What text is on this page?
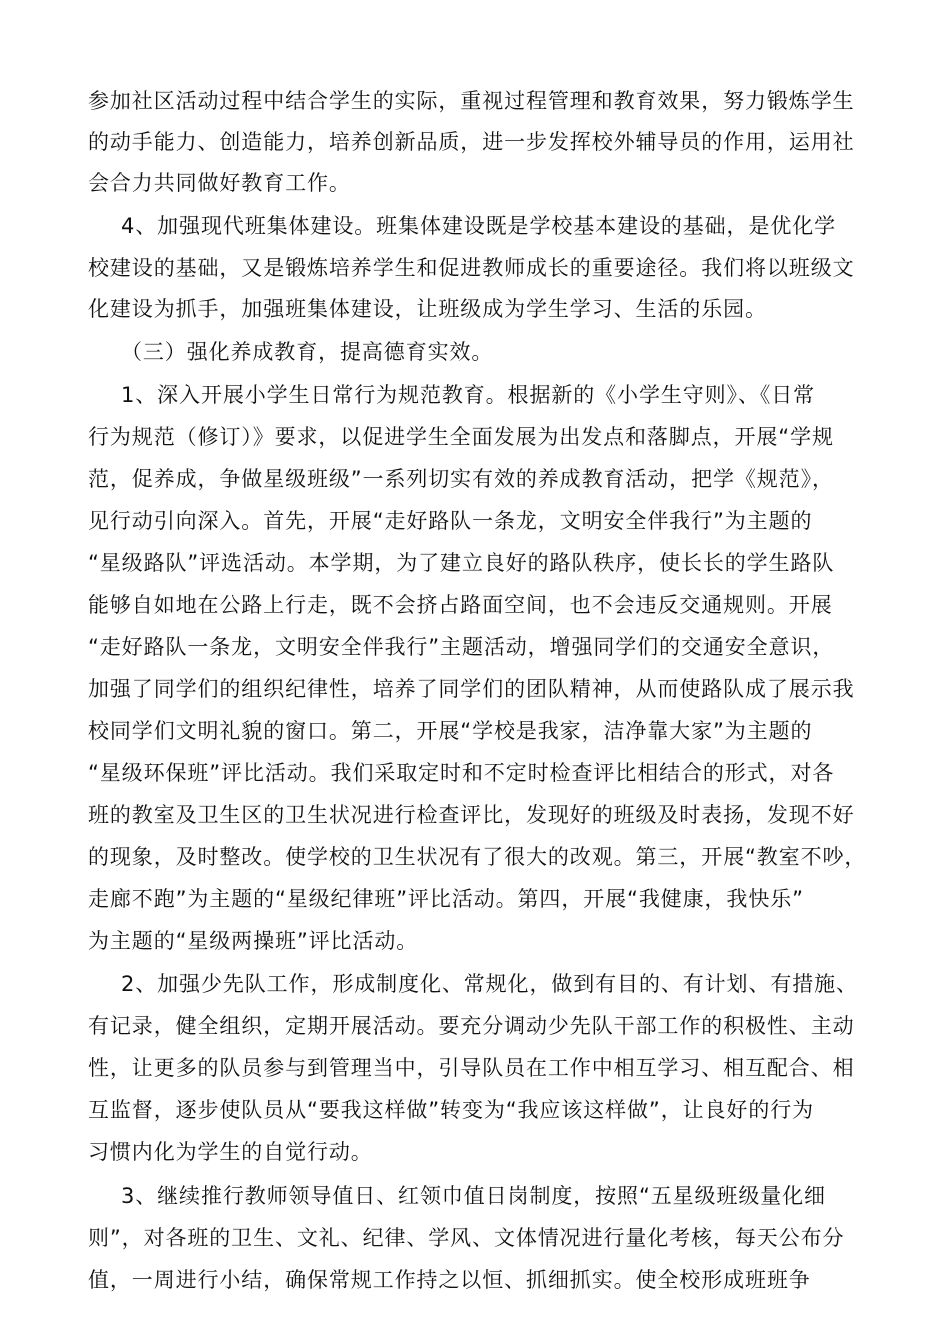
参加社区活动过程中结合学生的实际，重视过程管理和教育效果，努力锻炼学生
的动手能力、创造能力，培养创新品质，进一步发挥校外辅导员的作用，运用社
会合力共同做好教育工作。
4、加强现代班集体建设。班集体建设既是学校基本建设的基础，是优化学
校建设的基础，又是锻炼培养学生和促进教师成长的重要途径。我们将以班级文
化建设为抓手，加强班集体建设，让班级成为学生学习、生活的乐园。
（三）强化养成教育，提高德育实效。
1、深入开展小学生日常行为规范教育。根据新的《小学生守则》、《日常
行为规范（修订）》要求，以促进学生全面发展为出发点和落脚点，开展“学规
范，促养成，争做星级班级”一系列切实有效的养成教育活动，把学《规范》，
见行动引向深入。首先，开展“走好路队一条龙，文明安全伴我行”为主题的
“星级路队”评选活动。本学期，为了建立良好的路队秩序，使长长的学生路队
能够自如地在公路上行走，既不会挤占路面空间，也不会违反交通规则。开展
“走好路队一条龙，文明安全伴我行”主题活动，增强同学们的交通安全意识，
加强了同学们的组织纪律性，培养了同学们的团队精神，从而使路队成了展示我
校同学们文明礼貌的窗口。第二，开展“学校是我家，洁净靠大家”为主题的
“星级环保班”评比活动。我们采取定时和不定时检查评比相结合的形式，对各
班的教室及卫生区的卫生状况进行检查评比，发现好的班级及时表扬，发现不好
的现象，及时整改。使学校的卫生状况有了很大的改观。第三，开展“教室不吵，
走廊不跑”为主题的“星级纪律班”评比活动。第四，开展“我健康，我快乐”
为主题的“星级两操班”评比活动。
2、加强少先队工作，形成制度化、常规化，做到有目的、有计划、有措施、
有记录，健全组织，定期开展活动。要充分调动少先队干部工作的积极性、主动
性，让更多的队员参与到管理当中，引导队员在工作中相互学习、相互配合、相
互监督，逐步使队员从“要我这样做”转变为“我应该这样做”，让良好的行为
习惯内化为学生的自觉行动。
3、继续推行教师领导值日、红领巾值日岗制度，按照“五星级班级量化细
则”，对各班的卫生、文礼、纪律、学风、文体情况进行量化考核，每天公布分
值，一周进行小结，确保常规工作持之以恒、抓细抓实。使全校形成班班争
